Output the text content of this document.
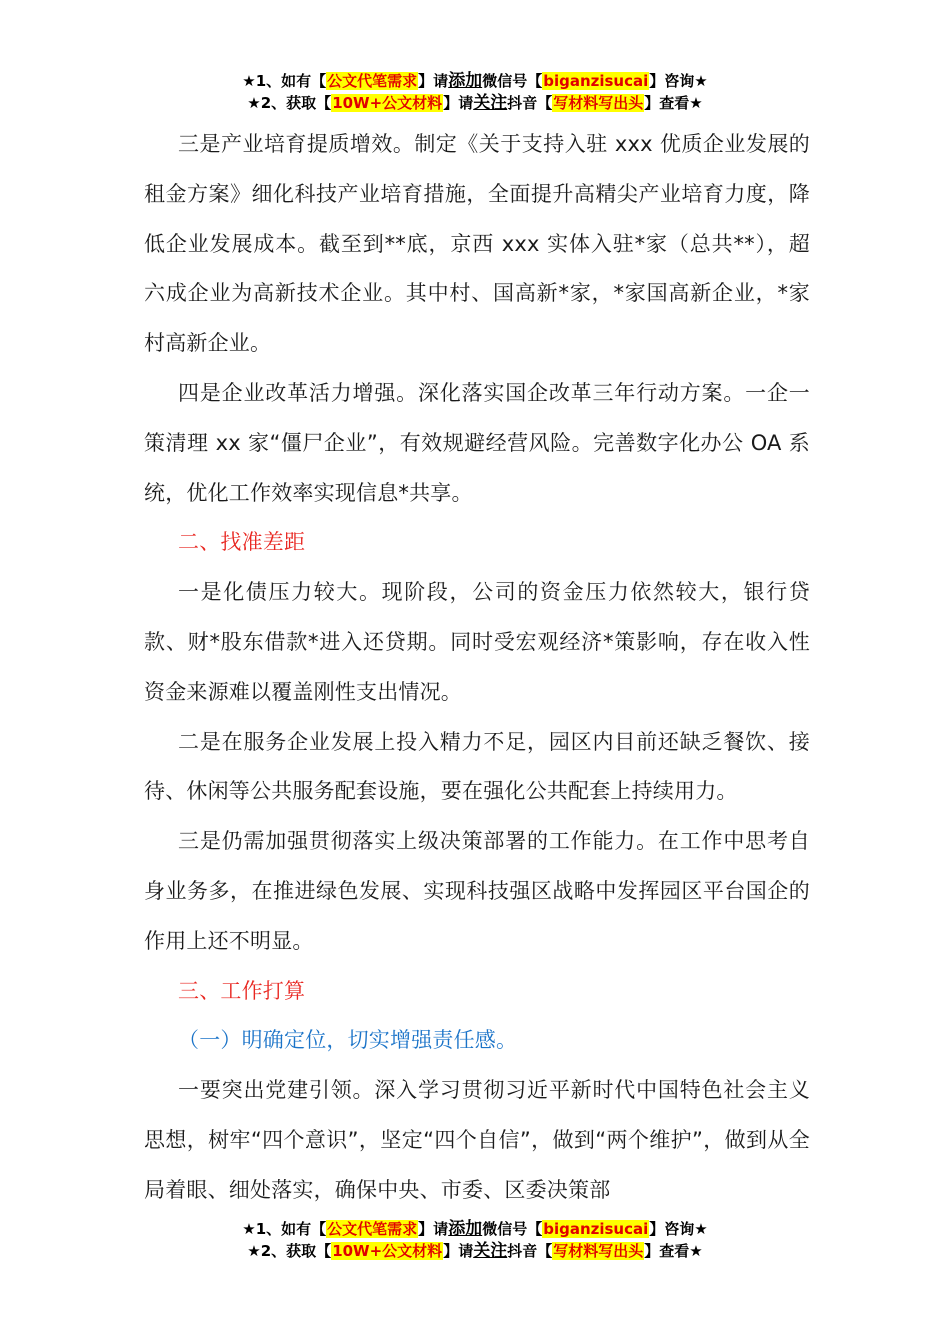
★1、如有【公文代笔需求】请添加微信号【biganzisucai】咨询★
★2、获取【10W+公文材料】请关注抖音【写材料写出头】查看★

三是产业培育提质增效。制定《关于支持入驻 xxx 优质企业发展的租金方案》细化科技产业培育措施，全面提升高精尖产业培育力度，降低企业发展成本。截至到**底，京西 xxx 实体入驻*家（总共**），超六成企业为高新技术企业。其中村、国高新*家，*家国高新企业，*家村高新企业。

四是企业改革活力增强。深化落实国企改革三年行动方案。一企一策清理 xx 家“僵尸企业”，有效规避经营风险。完善数字化办公 OA 系统，优化工作效率实现信息*共享。

二、找准差距

一是化债压力较大。现阶段，公司的资金压力依然较大，银行贷款、财*股东借款*进入还贷期。同时受宏观经济*策影响，存在收入性资金来源难以覆盖刚性支出情况。

二是在服务企业发展上投入精力不足，园区内目前还缺乏餐饮、接待、休闲等公共服务配套设施，要在强化公共配套上持续用力。

三是仍需加强贯彻落实上级决策部署的工作能力。在工作中思考自身业务多，在推进绿色发展、实现科技强区战略中发挥园区平台国企的作用上还不明显。

三、工作打算

（一）明确定位，切实增强责任感。

一要突出党建引领。深入学习贯彻习近平新时代中国特色社会主义思想，树牢“四个意识”，坚定“四个自信”，做到“两个维护”，做到从全局着眼、细处落实，确保中央、市委、区委决策部

★1、如有【公文代笔需求】请添加微信号【biganzisucai】咨询★
★2、获取【10W+公文材料】请关注抖音【写材料写出头】查看★
